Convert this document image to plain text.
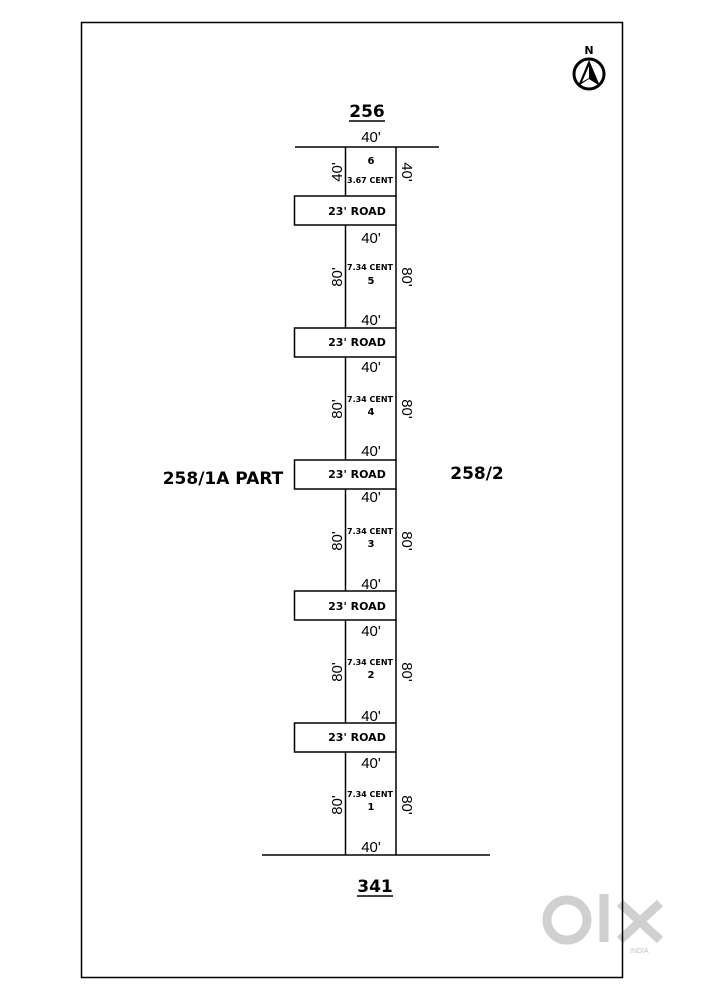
N
256
341
258/1A PART	258/2
40'
6
3.67 CENT
40'	40'
40'
7.34 CENT
5
80'	80'
40'
40'
7.34 CENT
4
80'	80'
40'
40'
7.34 CENT
3
80'	80'
40'
40'
7.34 CENT
2
80'	80'
40'
40'
7.34 CENT
1
80'	80'
40'
23' ROAD
23' ROAD
23' ROAD
23' ROAD
23' ROAD
INDIA
